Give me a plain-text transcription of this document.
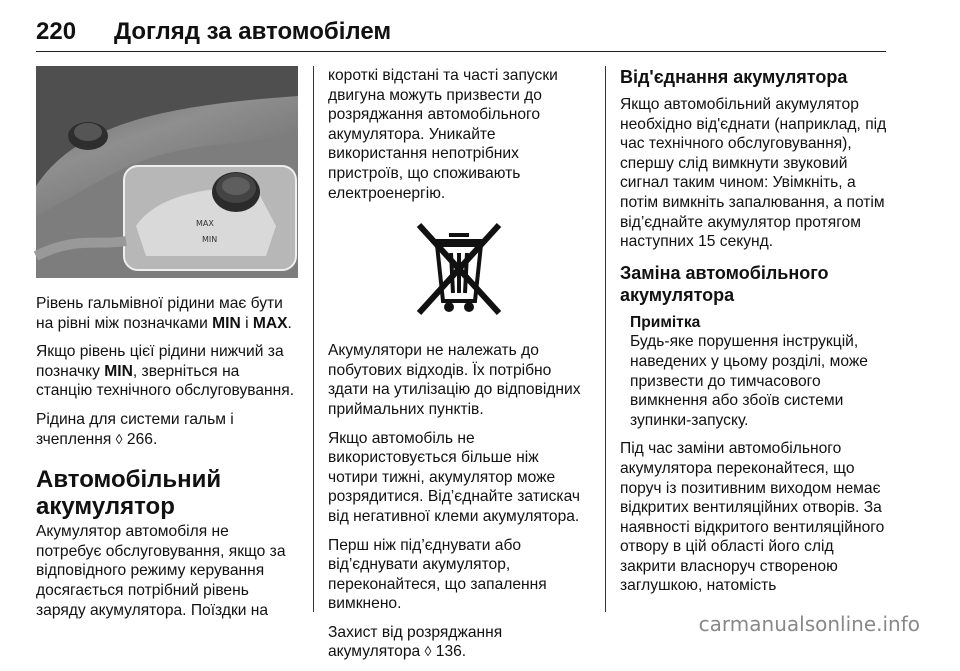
220 Догляд за автомобілем
MAX
MIN

Рівень гальмівної рідини має бути на рівні між позначками MIN і MAX.

Якщо рівень цієї рідини нижчий за позначку MIN, зверніться на станцію технічного обслуговування.

Рідина для системи гальм і зчеплення ◊ 266.

Автомобільний акумулятор

Акумулятор автомобіля не потребує обслуговування, якщо за відповідного режиму керування досягається потрібний рівень заряду акумулятора. Поїздки на

короткі відстані та часті запуски двигуна можуть призвести до розряджання автомобільного акумулятора. Уникайте використання непотрібних пристроїв, що споживають електроенергію.

Акумулятори не належать до побутових відходів. Їх потрібно здати на утилізацію до відповідних приймальних пунктів.

Якщо автомобіль не використовується більше ніж чотири тижні, акумулятор може розрядитися. Від’єднайте затискач від негативної клеми акумулятора.

Перш ніж під’єднувати або від’єднувати акумулятор, переконайтеся, що запалення вимкнено.

Захист від розряджання акумулятора ◊ 136.

Від'єднання акумулятора

Якщо автомобільний акумулятор необхідно від'єднати (наприклад, під час технічного обслуговування), спершу слід вимкнути звуковий сигнал таким чином: Увімкніть, а потім вимкніть запалювання, а потім від’єднайте акумулятор протягом наступних 15 секунд.

Заміна автомобільного акумулятора
Примітка

Будь-яке порушення інструкцій, наведених у цьому розділі, може призвести до тимчасового вимкнення або збоїв системи зупинки-запуску.

Під час заміни автомобільного акумулятора переконайтеся, що поруч із позитивним виходом немає відкритих вентиляційних отворів. За наявності відкритого вентиляційного отвору в цій області його слід закрити власноруч створеною заглушкою, натомість

carmanualsonline.info
